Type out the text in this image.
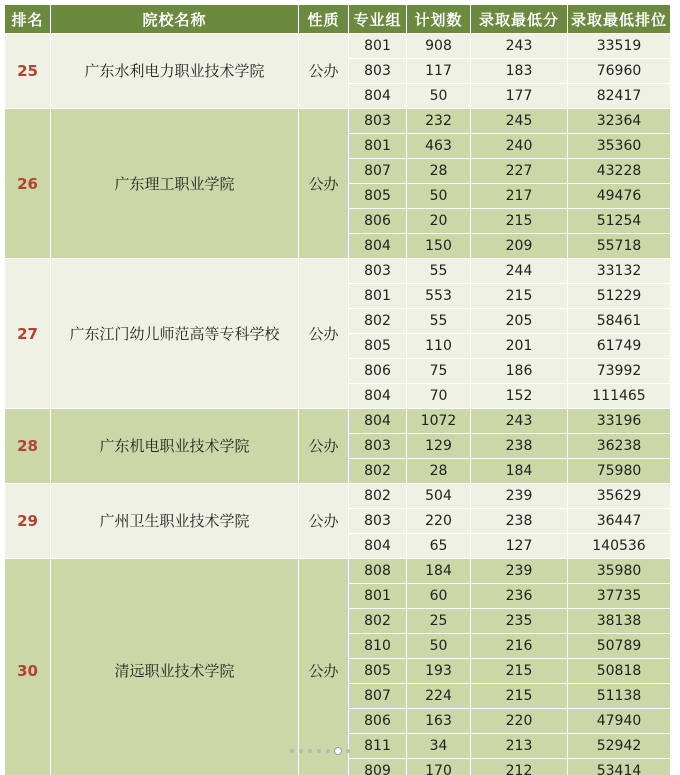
排名	院校名称	性质	专业组	计划数	录取最低分	录取最低排位
25	广东水利电力职业技术学院	公办	801	908	243	33519
			803	117	183	76960
			804	50	177	82417
26	广东理工职业学院	公办	803	232	245	32364
			801	463	240	35360
			807	28	227	43228
			805	50	217	49476
			806	20	215	51254
			804	150	209	55718
27	广东江门幼儿师范高等专科学校	公办	803	55	244	33132
			801	553	215	51229
			802	55	205	58461
			805	110	201	61749
			806	75	186	73992
			804	70	152	111465
28	广东机电职业技术学院	公办	804	1072	243	33196
			803	129	238	36238
			802	28	184	75980
29	广州卫生职业技术学院	公办	802	504	239	35629
			803	220	238	36447
			804	65	127	140536
30	清远职业技术学院	公办	808	184	239	35980
			801	60	236	37735
			802	25	235	38138
			810	50	216	50789
			805	193	215	50818
			807	224	215	51138
			806	163	220	47940
			811	34	213	52942
			809	170	212	53414
